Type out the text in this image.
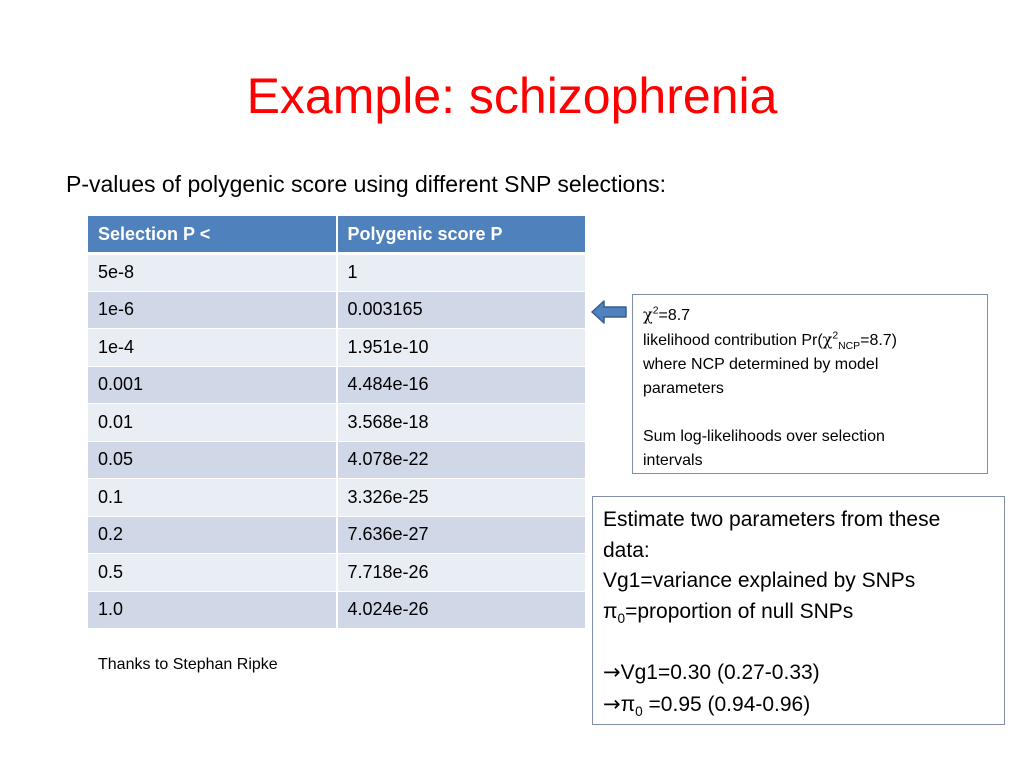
Example: schizophrenia
P-values of polygenic score using different SNP selections:
Selection P <	Polygenic score P
5e-8	1
1e-6	0.003165
1e-4	1.951e-10
0.001	4.484e-16
0.01	3.568e-18
0.05	4.078e-22
0.1	3.326e-25
0.2	7.636e-27
0.5	7.718e-26
1.0	4.024e-26
Thanks to Stephan Ripke
$\chi^2=8.7$
likelihood contribution $Pr(\chi^2_{NCP}=8.7)$
where NCP determined by model
parameters
Sum log-likelihoods over selection
intervals
Estimate two parameters from these
data:
Vg1=variance explained by SNPs
$\pi_0=proportion$ of null SNPs
→Vg1=0.30 (0.27-0.33)
$\to\pi_0 =0.95$ (0.94-0.96)
